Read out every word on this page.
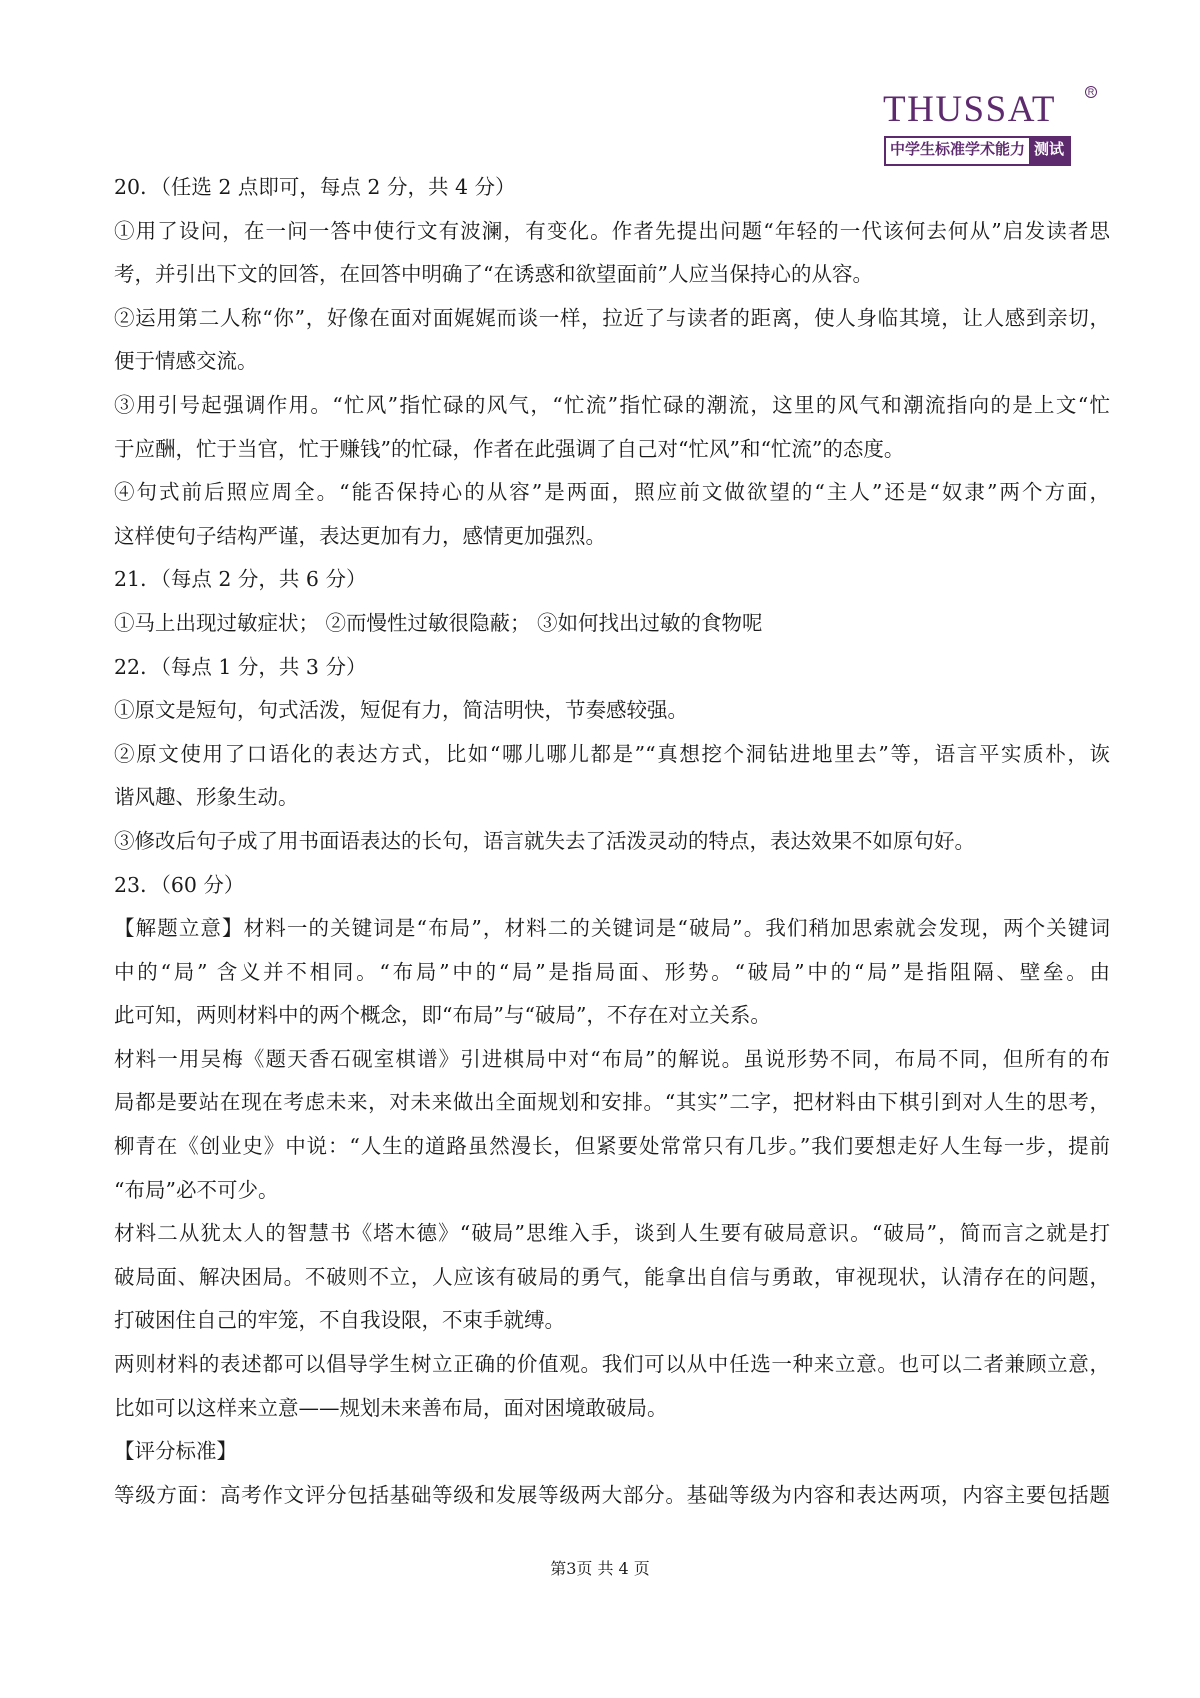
THUSSAT	R
中学生标准学术能力 测试
20．（任选 2 点即可，每点 2 分，共 4 分）
①用了设问，在一问一答中使行文有波澜，有变化。作者先提出问题“年轻的一代该何去何从”启发读者思
考，并引出下文的回答，在回答中明确了“在诱惑和欲望面前”人应当保持心的从容。
②运用第二人称“你”，好像在面对面娓娓而谈一样，拉近了与读者的距离，使人身临其境，让人感到亲切，
便于情感交流。
③用引号起强调作用。“忙风”指忙碌的风气，“忙流”指忙碌的潮流，这里的风气和潮流指向的是上文“忙
于应酬，忙于当官，忙于赚钱”的忙碌，作者在此强调了自己对“忙风”和“忙流”的态度。
④句式前后照应周全。“能否保持心的从容”是两面，照应前文做欲望的“主人”还是“奴隶”两个方面，
这样使句子结构严谨，表达更加有力，感情更加强烈。
21．（每点 2 分，共 6 分）
①马上出现过敏症状； ②而慢性过敏很隐蔽； ③如何找出过敏的食物呢
22．（每点 1 分，共 3 分）
①原文是短句，句式活泼，短促有力，简洁明快，节奏感较强。
②原文使用了口语化的表达方式，比如“哪儿哪儿都是”“真想挖个洞钻进地里去”等，语言平实质朴，诙
谐风趣、形象生动。
③修改后句子成了用书面语表达的长句，语言就失去了活泼灵动的特点，表达效果不如原句好。
23．（60 分）
【解题立意】材料一的关键词是“布局”，材料二的关键词是“破局”。我们稍加思索就会发现，两个关键词
中的“局” 含义并不相同。“布局”中的“局”是指局面、形势。“破局”中的“局”是指阻隔、壁垒。由
此可知，两则材料中的两个概念，即“布局”与“破局”，不存在对立关系。
材料一用吴梅《题天香石砚室棋谱》引进棋局中对“布局”的解说。虽说形势不同，布局不同，但所有的布
局都是要站在现在考虑未来，对未来做出全面规划和安排。“其实”二字，把材料由下棋引到对人生的思考，
柳青在《创业史》中说：“人生的道路虽然漫长，但紧要处常常只有几步。”我们要想走好人生每一步，提前
“布局”必不可少。
材料二从犹太人的智慧书《塔木德》“破局”思维入手，谈到人生要有破局意识。“破局”，简而言之就是打
破局面、解决困局。不破则不立，人应该有破局的勇气，能拿出自信与勇敢，审视现状，认清存在的问题，
打破困住自己的牢笼，不自我设限，不束手就缚。
两则材料的表述都可以倡导学生树立正确的价值观。我们可以从中任选一种来立意。也可以二者兼顾立意，
比如可以这样来立意——规划未来善布局，面对困境敢破局。
【评分标准】
等级方面：高考作文评分包括基础等级和发展等级两大部分。基础等级为内容和表达两项，内容主要包括题
第3页 共 4 页
